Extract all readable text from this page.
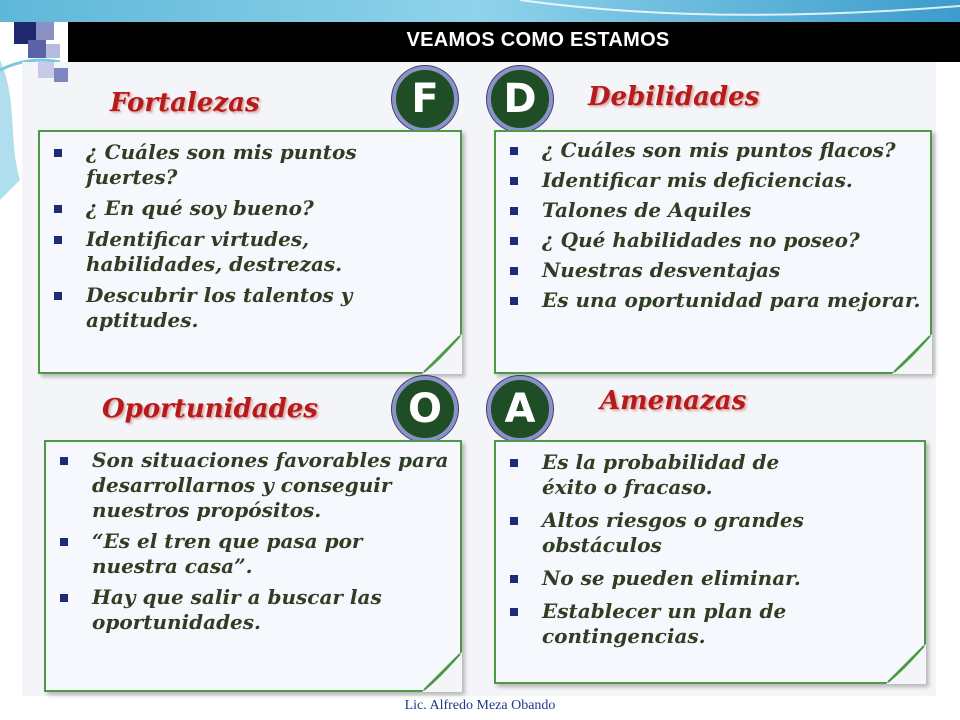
VEAMOS COMO ESTAMOS
Fortalezas	F
¿ Cuáles son mis puntos fuertes?
¿ En qué soy bueno?
Identificar virtudes, habilidades, destrezas.
Descubrir los talentos y aptitudes.
Debilidades
D
¿ Cuáles son mis puntos flacos?
Identificar mis deficiencias.
Talones de Aquiles
¿ Qué habilidades no poseo?
Nuestras desventajas
Es una oportunidad para mejorar.
Oportunidades	O
Son situaciones favorables para desarrollarnos y conseguir nuestros propósitos.
“Es el tren que pasa por nuestra casa”.
Hay que salir a buscar las oportunidades.
Amenazas
A
Es la probabilidad de éxito o fracaso.
Altos riesgos o grandes obstáculos
No se pueden eliminar.
Establecer un plan de contingencias.
Lic. Alfredo Meza Obando
